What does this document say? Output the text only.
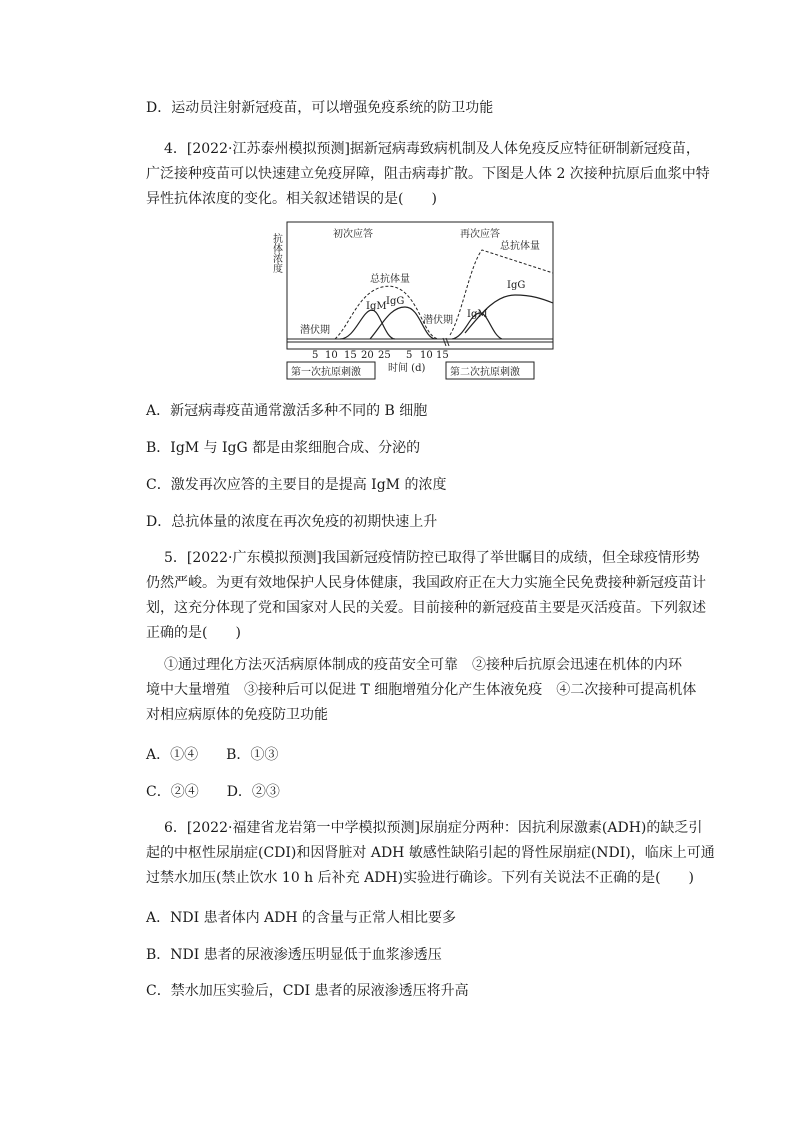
D．运动员注射新冠疫苗，可以增强免疫系统的防卫功能
4．[2022·江苏泰州模拟预测]据新冠病毒致病机制及人体免疫反应特征研制新冠疫苗，
广泛接种疫苗可以快速建立免疫屏障，阻击病毒扩散。下图是人体 2 次接种抗原后血浆中特
异性抗体浓度的变化。相关叙述错误的是(　　)
抗体浓度	初次应答	再次应答
总抗体量
总抗体量
IgM IgG
IgM
IgG
潜伏期
潜伏期
5 10 15 20 25 5 10 15
时间 (d)
第一次抗原刺激	第二次抗原刺激
A．新冠病毒疫苗通常激活多种不同的 B 细胞
B．IgM 与 IgG 都是由浆细胞合成、分泌的
C．激发再次应答的主要目的是提高 IgM 的浓度
D．总抗体量的浓度在再次免疫的初期快速上升
5．[2022·广东模拟预测]我国新冠疫情防控已取得了举世瞩目的成绩，但全球疫情形势
仍然严峻。为更有效地保护人民身体健康，我国政府正在大力实施全民免费接种新冠疫苗计
划，这充分体现了党和国家对人民的关爱。目前接种的新冠疫苗主要是灭活疫苗。下列叙述
正确的是(　　)
①通过理化方法灭活病原体制成的疫苗安全可靠　②接种后抗原会迅速在机体的内环
境中大量增殖　③接种后可以促进 T 细胞增殖分化产生体液免疫　④二次接种可提高机体
对相应病原体的免疫防卫功能
A．①④　　B．①③
C．②④　　D．②③
6．[2022·福建省龙岩第一中学模拟预测]尿崩症分两种：因抗利尿激素(ADH)的缺乏引
起的中枢性尿崩症(CDI)和因肾脏对 ADH 敏感性缺陷引起的肾性尿崩症(NDI)，临床上可通
过禁水加压(禁止饮水 10 h 后补充 ADH)实验进行确诊。下列有关说法不正确的是(　　)
A．NDI 患者体内 ADH 的含量与正常人相比要多
B．NDI 患者的尿液渗透压明显低于血浆渗透压
C．禁水加压实验后，CDI 患者的尿液渗透压将升高
